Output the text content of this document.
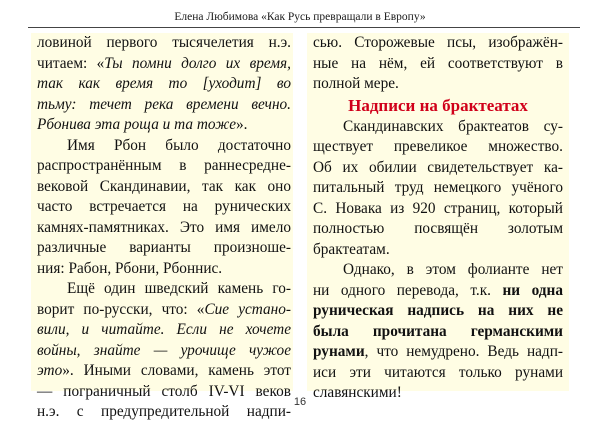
Елена Любимова «Как Русь превращали в Европу»
ловиной первого тысячелетия н.э.
читаем: «Ты помни долго их время,
так как время то [уходит] во
тьму: течет река времени вечно.
Рбонива эта роща и та тоже».
Имя Рбон было достаточно
распространённым в раннесредне-
вековой Скандинавии, так как оно
часто встречается на рунических
камнях-памятниках. Это имя имело
различные варианты произноше-
ния: Рабон, Рбони, Рбоннис.
Ещё один шведский камень го-
ворит по-русски, что: «Сие устано-
вили, и читайте. Если не хочете
войны, знайте — урочище чужое
это». Иными словами, камень этот
— пограничный столб IV-VI веков
н.э. с предупредительной надпи-
сью. Сторожевые псы, изображён-
ные на нём, ей соответствуют в
полной мере.
Надписи на брактеатах
Скандинавских брактеатов су-
ществует превеликое множество.
Об их обилии свидетельствует ка-
питальный труд немецкого учёного
С. Новака из 920 страниц, который
полностью посвящён золотым
брактеатам.
Однако, в этом фолианте нет
ни одного перевода, т.к. ни одна
руническая надпись на них не
была прочитана германскими
рунами, что немудрено. Ведь надп-
иси эти читаются только рунами
славянскими!
16
